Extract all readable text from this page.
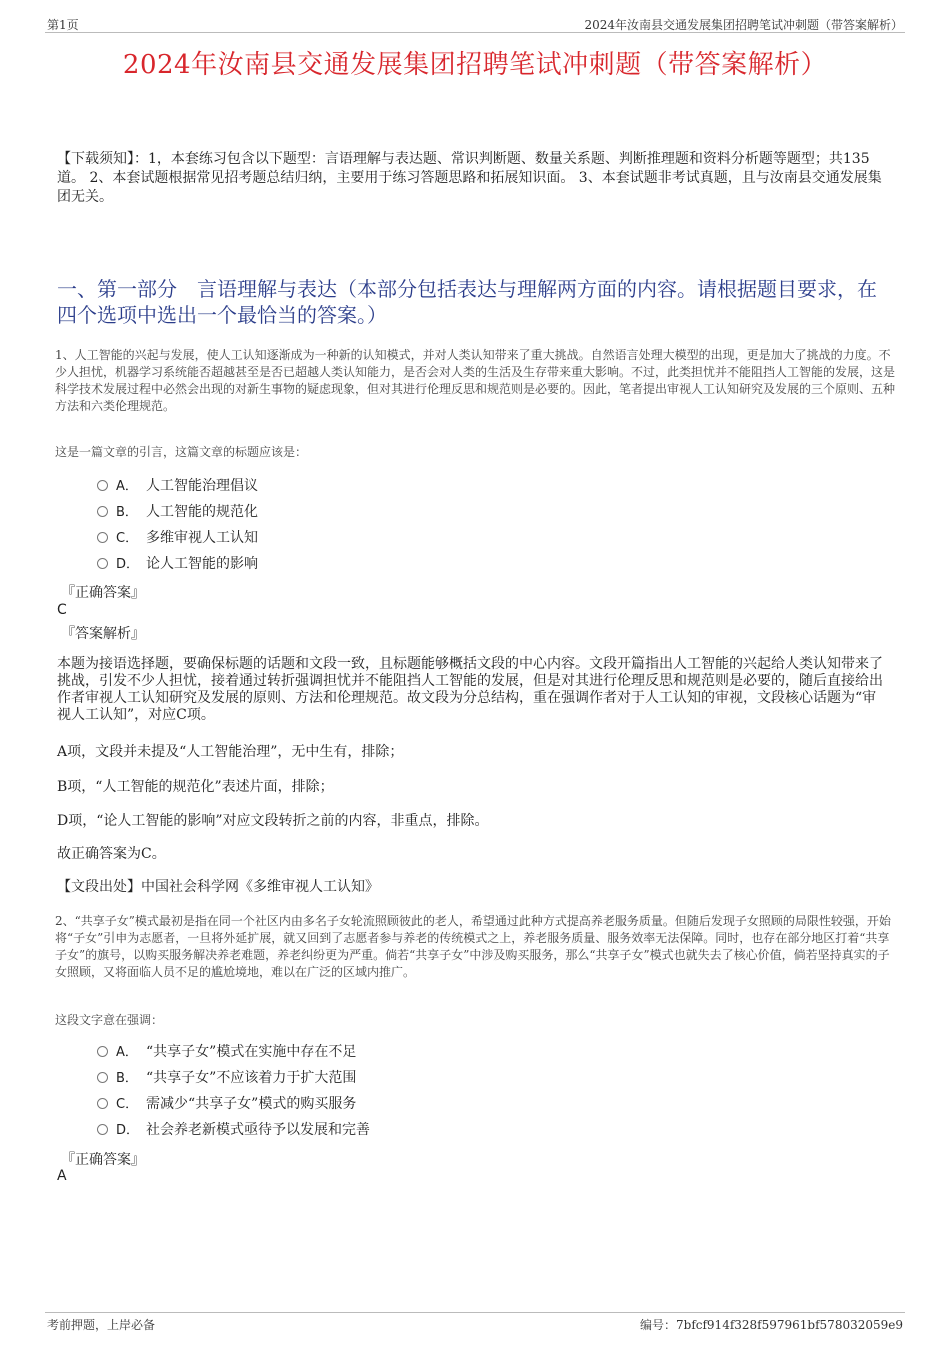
第1页	2024年汝南县交通发展集团招聘笔试冲刺题（带答案解析）
2024年汝南县交通发展集团招聘笔试冲刺题（带答案解析）
【下载须知】：1，本套练习包含以下题型：言语理解与表达题、常识判断题、数量关系题、判断推理题和资料分析题等题型；共135道。 2、本套试题根据常见招考题总结归纳，主要用于练习答题思路和拓展知识面。 3、本套试题非考试真题，且与汝南县交通发展集团无关。
一、第一部分　言语理解与表达（本部分包括表达与理解两方面的内容。请根据题目要求，在四个选项中选出一个最恰当的答案。）
1、人工智能的兴起与发展，使人工认知逐渐成为一种新的认知模式，并对人类认知带来了重大挑战。自然语言处理大模型的出现，更是加大了挑战的力度。不少人担忧，机器学习系统能否超越甚至是否已超越人类认知能力，是否会对人类的生活及生存带来重大影响。不过，此类担忧并不能阻挡人工智能的发展，这是科学技术发展过程中必然会出现的对新生事物的疑虑现象，但对其进行伦理反思和规范则是必要的。因此，笔者提出审视人工认知研究及发展的三个原则、五种方法和六类伦理规范。
这是一篇文章的引言，这篇文章的标题应该是：
A． 人工智能治理倡议
B． 人工智能的规范化
C． 多维审视人工认知
D． 论人工智能的影响
『正确答案』
C
『答案解析』
本题为接语选择题，要确保标题的话题和文段一致，且标题能够概括文段的中心内容。文段开篇指出人工智能的兴起给人类认知带来了挑战，引发不少人担忧，接着通过转折强调担忧并不能阻挡人工智能的发展，但是对其进行伦理反思和规范则是必要的，随后直接给出作者审视人工认知研究及发展的原则、方法和伦理规范。故文段为分总结构，重在强调作者对于人工认知的审视，文段核心话题为“审视人工认知”，对应C项。
A项，文段并未提及“人工智能治理”，无中生有，排除；
B项，“人工智能的规范化”表述片面，排除；
D项，“论人工智能的影响”对应文段转折之前的内容，非重点，排除。
故正确答案为C。
【文段出处】中国社会科学网《多维审视人工认知》
2、“共享子女”模式最初是指在同一个社区内由多名子女轮流照顾彼此的老人，希望通过此种方式提高养老服务质量。但随后发现子女照顾的局限性较强，开始将“子女”引申为志愿者，一旦将外延扩展，就又回到了志愿者参与养老的传统模式之上，养老服务质量、服务效率无法保障。同时，也存在部分地区打着“共享子女”的旗号，以购买服务解决养老难题，养老纠纷更为严重。倘若“共享子女”中涉及购买服务，那么“共享子女”模式也就失去了核心价值，倘若坚持真实的子女照顾，又将面临人员不足的尴尬境地，难以在广泛的区域内推广。
这段文字意在强调：
A． “共享子女”模式在实施中存在不足
B． “共享子女”不应该着力于扩大范围
C． 需减少“共享子女”模式的购买服务
D． 社会养老新模式亟待予以发展和完善
『正确答案』
A
考前押题，上岸必备	编号：7bfcf914f328f597961bf578032059e9
